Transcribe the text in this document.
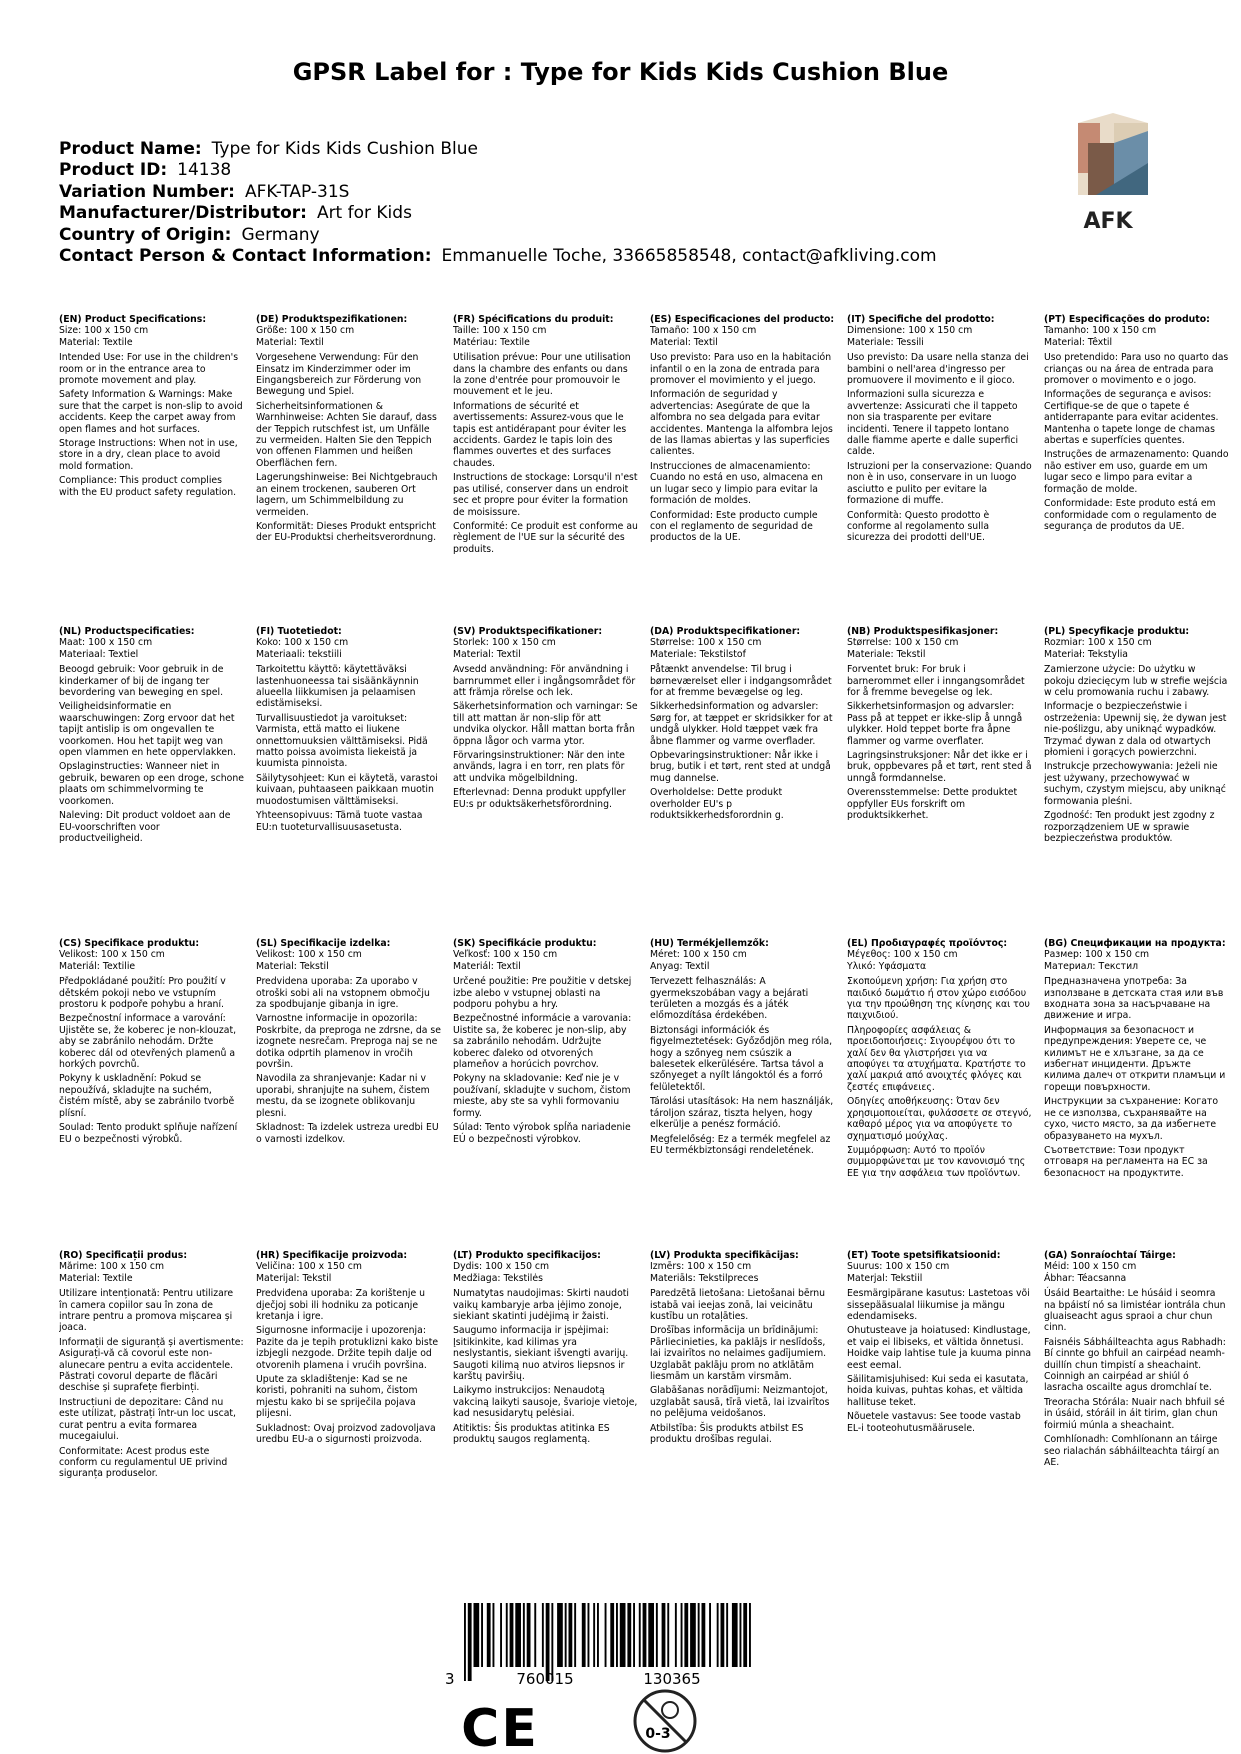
GPSR Label for : Type for Kids Kids Cushion Blue
Product Name: Type for Kids Kids Cushion Blue
Product ID: 14138
Variation Number: AFK-TAP-31S
Manufacturer/Distributor: Art for Kids
Country of Origin: Germany
Contact Person & Contact Information: Emmanuelle Toche, 33665858548, contact@afkliving.com
AFK
(EN) Product Specifications:
Size: 100 x 150 cm
Material: Textile

Intended Use: For use in the children's room or in the entrance area to promote movement and play.

Safety Information & Warnings: Make sure that the carpet is non-slip to avoid accidents. Keep the carpet away from open flames and hot surfaces.

Storage Instructions: When not in use, store in a dry, clean place to avoid mold formation.

Compliance: This product complies with the EU product safety regulation.

(DE) Produktspezifikationen:
Größe: 100 x 150 cm
Material: Textil

Vorgesehene Verwendung: Für den Einsatz im Kinderzimmer oder im Eingangsbereich zur Förderung von Bewegung und Spiel.

Sicherheitsinformationen & Warnhinweise: Achten Sie darauf, dass der Teppich rutschfest ist, um Unfälle zu vermeiden. Halten Sie den Teppich von offenen Flammen und heißen Oberflächen fern.

Lagerungshinweise: Bei Nichtgebrauch an einem trockenen, sauberen Ort lagern, um Schimmelbildung zu vermeiden.

Konformität: Dieses Produkt entspricht der EU-Produktsi cherheitsverordnung.

(FR) Spécifications du produit:
Taille: 100 x 150 cm
Matériau: Textile

Utilisation prévue: Pour une utilisation dans la chambre des enfants ou dans la zone d'entrée pour promouvoir le mouvement et le jeu.

Informations de sécurité et avertissements: Assurez-vous que le tapis est antidérapant pour éviter les accidents. Gardez le tapis loin des flammes ouvertes et des surfaces chaudes.

Instructions de stockage: Lorsqu'il n'est pas utilisé, conserver dans un endroit sec et propre pour éviter la formation de moisissure.

Conformité: Ce produit est conforme au règlement de l'UE sur la sécurité des produits.

(ES) Especificaciones del producto:
Tamaño: 100 x 150 cm
Material: Textil

Uso previsto: Para uso en la habitación infantil o en la zona de entrada para promover el movimiento y el juego.

Información de seguridad y advertencias: Asegúrate de que la alfombra no sea delgada para evitar accidentes. Mantenga la alfombra lejos de las llamas abiertas y las superficies calientes.

Instrucciones de almacenamiento: Cuando no está en uso, almacena en un lugar seco y limpio para evitar la formación de moldes.

Conformidad: Este producto cumple con el reglamento de seguridad de productos de la UE.

(IT) Specifiche del prodotto:
Dimensione: 100 x 150 cm
Materiale: Tessili

Uso previsto: Da usare nella stanza dei bambini o nell'area d'ingresso per promuovere il movimento e il gioco.

Informazioni sulla sicurezza e avvertenze: Assicurati che il tappeto non sia trasparente per evitare incidenti. Tenere il tappeto lontano dalle fiamme aperte e dalle superfici calde.

Istruzioni per la conservazione: Quando non è in uso, conservare in un luogo asciutto e pulito per evitare la formazione di muffe.

Conformità: Questo prodotto è conforme al regolamento sulla sicurezza dei prodotti dell'UE.

(PT) Especificações do produto:
Tamanho: 100 x 150 cm
Material: Têxtil

Uso pretendido: Para uso no quarto das crianças ou na área de entrada para promover o movimento e o jogo.

Informações de segurança e avisos: Certifique-se de que o tapete é antiderrapante para evitar acidentes. Mantenha o tapete longe de chamas abertas e superfícies quentes.

Instruções de armazenamento: Quando não estiver em uso, guarde em um lugar seco e limpo para evitar a formação de molde.

Conformidade: Este produto está em conformidade com o regulamento de segurança de produtos da UE.

(NL) Productspecificaties:
Maat: 100 x 150 cm
Materiaal: Textiel

Beoogd gebruik: Voor gebruik in de kinderkamer of bij de ingang ter bevordering van beweging en spel.

Veiligheidsinformatie en waarschuwingen: Zorg ervoor dat het tapijt antislip is om ongevallen te voorkomen. Hou het tapijt weg van open vlammen en hete oppervlakken.

Opslaginstructies: Wanneer niet in gebruik, bewaren op een droge, schone plaats om schimmelvorming te voorkomen.

Naleving: Dit product voldoet aan de EU-voorschriften voor productveiligheid.

(FI) Tuotetiedot:
Koko: 100 x 150 cm
Materiaali: tekstiili

Tarkoitettu käyttö: käytettäväksi lastenhuoneessa tai sisäänkäynnin alueella liikkumisen ja pelaamisen edistämiseksi.

Turvallisuustiedot ja varoitukset: Varmista, että matto ei liukene onnettomuuksien välttämiseksi. Pidä matto poissa avoimista liekeistä ja kuumista pinnoista.

Säilytysohjeet: Kun ei käytetä, varastoi kuivaan, puhtaaseen paikkaan muotin muodostumisen välttämiseksi.

Yhteensopivuus: Tämä tuote vastaa EU:n tuoteturvallisuusasetusta.

(SV) Produktspecifikationer:
Storlek: 100 x 150 cm
Material: Textil

Avsedd användning: För användning i barnrummet eller i ingångsområdet för att främja rörelse och lek.

Säkerhetsinformation och varningar: Se till att mattan är non-slip för att undvika olyckor. Håll mattan borta från öppna lågor och varma ytor.

Förvaringsinstruktioner: När den inte används, lagra i en torr, ren plats för att undvika mögelbildning.

Efterlevnad: Denna produkt uppfyller EU:s pr oduktsäkerhetsförordning.

(DA) Produktspecifikationer:
Størrelse: 100 x 150 cm
Materiale: Tekstilstof

Påtænkt anvendelse: Til brug i børneværelset eller i indgangsområdet for at fremme bevægelse og leg.

Sikkerhedsinformation og advarsler: Sørg for, at tæppet er skridsikker for at undgå ulykker. Hold tæppet væk fra åbne flammer og varme overflader.

Opbevaringsinstruktioner: Når ikke i brug, butik i et tørt, rent sted at undgå mug dannelse.

Overholdelse: Dette produkt overholder EU's p roduktsikkerhedsforordnin g.

(NB) Produktspesifikasjoner:
Størrelse: 100 x 150 cm
Materiale: Tekstil

Forventet bruk: For bruk i barnerommet eller i inngangsområdet for å fremme bevegelse og lek.

Sikkerhetsinformasjon og advarsler: Pass på at teppet er ikke-slip å unngå ulykker. Hold teppet borte fra åpne flammer og varme overflater.

Lagringsinstruksjoner: Når det ikke er i bruk, oppbevares på et tørt, rent sted å unngå formdannelse.

Overensstemmelse: Dette produktet oppfyller EUs forskrift om produktsikkerhet.

(PL) Specyfikacje produktu:
Rozmiar: 100 x 150 cm
Materiał: Tekstylia

Zamierzone użycie: Do użytku w pokoju dziecięcym lub w strefie wejścia w celu promowania ruchu i zabawy.

Informacje o bezpieczeństwie i ostrzeżenia: Upewnij się, że dywan jest nie-poślizgu, aby uniknąć wypadków. Trzymać dywan z dala od otwartych płomieni i gorących powierzchni.

Instrukcje przechowywania: Jeżeli nie jest używany, przechowywać w suchym, czystym miejscu, aby uniknąć formowania pleśni.

Zgodność: Ten produkt jest zgodny z rozporządzeniem UE w sprawie bezpieczeństwa produktów.

(CS) Specifikace produktu:
Velikost: 100 x 150 cm
Materiál: Textilie

Předpokládané použití: Pro použití v dětském pokoji nebo ve vstupním prostoru k podpoře pohybu a hraní.

Bezpečnostní informace a varování: Ujistěte se, že koberec je non-klouzat, aby se zabránilo nehodám. Držte koberec dál od otevřených plamenů a horkých povrchů.

Pokyny k uskladnění: Pokud se nepoužívá, skladujte na suchém, čistém místě, aby se zabránilo tvorbě plísní.

Soulad: Tento produkt splňuje nařízení EU o bezpečnosti výrobků.

(SL) Specifikacije izdelka:
Velikost: 100 x 150 cm
Material: Tekstil

Predvidena uporaba: Za uporabo v otroški sobi ali na vstopnem območju za spodbujanje gibanja in igre.

Varnostne informacije in opozorila: Poskrbite, da preproga ne zdrsne, da se izognete nesrečam. Preproga naj se ne dotika odprtih plamenov in vročih površin.

Navodila za shranjevanje: Kadar ni v uporabi, shranjujte na suhem, čistem mestu, da se izognete oblikovanju plesni.

Skladnost: Ta izdelek ustreza uredbi EU o varnosti izdelkov.

(SK) Špecifikácie produktu:
Veľkosť: 100 x 150 cm
Materiál: Textil

Určené použitie: Pre použitie v detskej izbe alebo v vstupnej oblasti na podporu pohybu a hry.

Bezpečnostné informácie a varovania: Uistite sa, že koberec je non-slip, aby sa zabránilo nehodám. Udržujte koberec ďaleko od otvorených plameňov a horúcich povrchov.

Pokyny na skladovanie: Keď nie je v používaní, skladujte v suchom, čistom mieste, aby ste sa vyhli formovaniu formy.

Súlad: Tento výrobok spĺňa nariadenie EÚ o bezpečnosti výrobkov.

(HU) Termékjellemzők:
Méret: 100 x 150 cm
Anyag: Textil

Tervezett felhasználás: A gyermekszobában vagy a bejárati területen a mozgás és a játék előmozdítása érdekében.

Biztonsági információk és figyelmeztetések: Győződjön meg róla, hogy a szőnyeg nem csúszik a balesetek elkerülésére. Tartsa távol a szőnyeget a nyílt lángoktól és a forró felületektől.

Tárolási utasítások: Ha nem használják, tároljon száraz, tiszta helyen, hogy elkerülje a penész formáció.

Megfelelőség: Ez a termék megfelel az EU termékbiztonsági rendeletének.

(EL) Προδιαγραφές προϊόντος:
Μέγεθος: 100 x 150 cm
Υλικό: Υφάσματα

Σκοπούμενη χρήση: Για χρήση στο παιδικό δωμάτιο ή στον χώρο εισόδου για την προώθηση της κίνησης και του παιχνιδιού.

Πληροφορίες ασφάλειας & προειδοποιήσεις: Σιγουρέψου ότι το χαλί δεν θα γλιστρήσει για να αποφύγει τα ατυχήματα. Κρατήστε το χαλί μακριά από ανοιχτές φλόγες και ζεστές επιφάνειες.

Οδηγίες αποθήκευσης: Όταν δεν χρησιμοποιείται, φυλάσσετε σε στεγνό, καθαρό μέρος για να αποφύγετε το σχηματισμό μούχλας.

Συμμόρφωση: Αυτό το προϊόν συμμορφώνεται με τον κανονισμό της ΕΕ για την ασφάλεια των προϊόντων.

(BG) Спецификации на продукта:
Размер: 100 x 150 cm
Материал: Текстил

Предназначена употреба: За използване в детската стая или във входната зона за насърчаване на движение и игра.

Информация за безопасност и предупреждения: Уверете се, че килимът не е хлъзгане, за да се избегнат инциденти. Дръжте килима далеч от открити пламъци и горещи повърхности.

Инструкции за съхранение: Когато не се използва, съхранявайте на сухо, чисто място, за да избегнете образуването на мухъл.

Съответствие: Този продукт отговаря на регламента на ЕС за безопасност на продуктите.

(RO) Specificații produs:
Mărime: 100 x 150 cm
Material: Textile

Utilizare intenționată: Pentru utilizare în camera copiilor sau în zona de intrare pentru a promova mișcarea și joaca.

Informații de siguranță și avertismente: Asigurați-vă că covorul este non-alunecare pentru a evita accidentele. Păstrați covorul departe de flăcări deschise și suprafețe fierbinți.

Instrucțiuni de depozitare: Când nu este utilizat, păstrați într-un loc uscat, curat pentru a evita formarea mucegaiului.

Conformitate: Acest produs este conform cu regulamentul UE privind siguranța produselor.

(HR) Specifikacije proizvoda:
Veličina: 100 x 150 cm
Materijal: Tekstil

Predviđena uporaba: Za korištenje u dječjoj sobi ili hodniku za poticanje kretanja i igre.

Sigurnosne informacije i upozorenja: Pazite da je tepih protuklizni kako biste izbjegli nezgode. Držite tepih dalje od otvorenih plamena i vrućih površina.

Upute za skladištenje: Kad se ne koristi, pohraniti na suhom, čistom mjestu kako bi se spriječila pojava plijesni.

Sukladnost: Ovaj proizvod zadovoljava uredbu EU-a o sigurnosti proizvoda.

(LT) Produkto specifikacijos:
Dydis: 100 x 150 cm
Medžiaga: Tekstilės

Numatytas naudojimas: Skirti naudoti vaikų kambaryje arba įėjimo zonoje, siekiant skatinti judėjimą ir žaisti.

Saugumo informacija ir įspėjimai: Įsitikinkite, kad kilimas yra neslystantis, siekiant išvengti avarijų. Saugoti kilimą nuo atviros liepsnos ir karštų paviršių.

Laikymo instrukcijos: Nenaudotą vakciną laikyti sausoje, švarioje vietoje, kad nesusidarytų pelėsiai.

Atitiktis: Šis produktas atitinka ES produktų saugos reglamentą.

(LV) Produkta specifikācijas:
Izmērs: 100 x 150 cm
Materiāls: Tekstilpreces

Paredzētā lietošana: Lietošanai bērnu istabā vai ieejas zonā, lai veicinātu kustību un rotaļāties.

Drošības informācija un brīdinājumi: Pārliecinieties, ka paklājs ir neslīdošs, lai izvairītos no nelaimes gadījumiem. Uzglabāt paklāju prom no atklātām liesmām un karstām virsmām.

Glabāšanas norādījumi: Neizmantojot, uzglabāt sausā, tīrā vietā, lai izvairītos no pelējuma veidošanos.

Atbilstība: Šis produkts atbilst ES produktu drošības regulai.

(ET) Toote spetsifikatsioonid:
Suurus: 100 x 150 cm
Materjal: Tekstiil

Eesmärgipärane kasutus: Lastetoas või sissepääsualal liikumise ja mängu edendamiseks.

Ohutusteave ja hoiatused: Kindlustage, et vaip ei libiseks, et vältida õnnetusi. Hoidke vaip lahtise tule ja kuuma pinna eest eemal.

Säilitamisjuhised: Kui seda ei kasutata, hoida kuivas, puhtas kohas, et vältida hallituse teket.

Nõuetele vastavus: See toode vastab EL-i tooteohutusmäärusele.

(GA) Sonraíochtaí Táirge:
Méid: 100 x 150 cm
Ábhar: Téacsanna

Úsáid Beartaithe: Le húsáid i seomra na bpáistí nó sa limistéar iontrála chun gluaiseacht agus spraoi a chur chun cinn.

Faisnéis Sábháilteachta agus Rabhadh: Bí cinnte go bhfuil an cairpéad neamh-duillín chun timpistí a sheachaint. Coinnigh an cairpéad ar shiúl ó lasracha oscailte agus dromchlaí te.

Treoracha Stórála: Nuair nach bhfuil sé in úsáid, stóráil in áit tirim, glan chun foirmiú múnla a sheachaint.

Comhlíonadh: Comhlíonann an táirge seo rialachán sábháilteachta táirgí an AE.

3	760015	130365
CE	0-3
